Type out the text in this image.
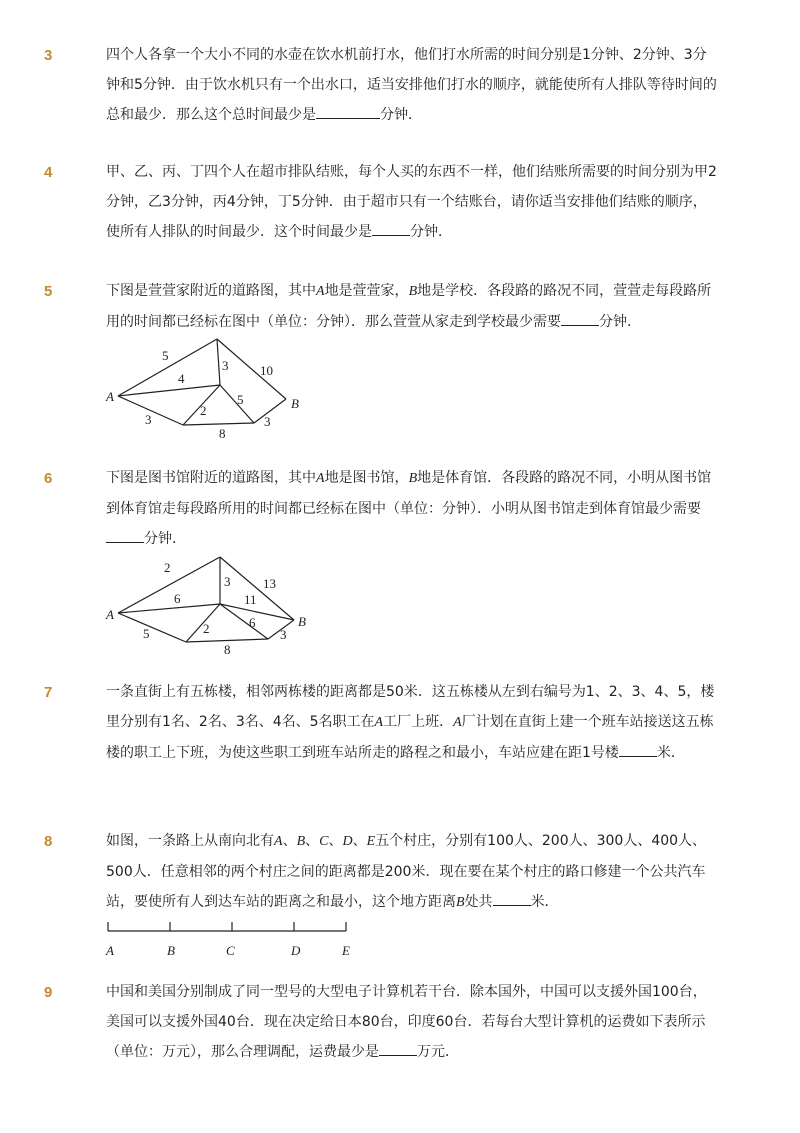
3	四个人各拿一个大小不同的水壶在饮水机前打水，他们打水所需的时间分别是1分钟、2分钟、3分钟和5分钟．由于饮水机只有一个出水口，适当安排他们打水的顺序，就能使所有人排队等待时间的总和最少．那么这个总时间最少是	分钟．
4	甲、乙、丙、丁四个人在超市排队结账，每个人买的东西不一样，他们结账所需要的时间分别为甲2分钟，乙3分钟，丙4分钟，丁5分钟．由于超市只有一个结账台，请你适当安排他们结账的顺序，使所有人排队的时间最少．这个时间最少是	分钟．
5	下图是萱萱家附近的道路图，其中A地是萱萱家，B地是学校．各段路的路况不同，萱萱走每段路所用的时间都已经标在图中（单位：分钟）．那么萱萱从家走到学校最少需要	分钟.
A	B
5
3 10
4
5
2
3
8
3
6	下图是图书馆附近的道路图，其中A地是图书馆，B地是体育馆．各段路的路况不同，小明从图书馆到体育馆走每段路所用的时间都已经标在图中（单位：分钟）．小明从图书馆走到体育馆最少需要分钟．
A	B
2
3	13
6	11
6
2
5	3
8
7	一条直街上有五栋楼，相邻两栋楼的距离都是50米．这五栋楼从左到右编号为1、2、3、4、5，楼里分别有1名、2名、3名、4名、5名职工在A工厂上班．A厂计划在直街上建一个班车站接送这五栋楼的职工上下班，为使这些职工到班车站所走的路程之和最小，车站应建在距1号楼	米．
8	如图，一条路上从南向北有A、B、C、D、E五个村庄，分别有100人、200人、300人、400人、500人．任意相邻的两个村庄之间的距离都是200米．现在要在某个村庄的路口修建一个公共汽车站，要使所有人到达车站的距离之和最小，这个地方距离B处共	米．
A	B	C	D	E
9	中国和美国分别制成了同一型号的大型电子计算机若干台．除本国外，中国可以支援外国100台，美国可以支援外国40台．现在决定给日本80台，印度60台．若每台大型计算机的运费如下表所示（单位：万元），那么合理调配，运费最少是	万元．
